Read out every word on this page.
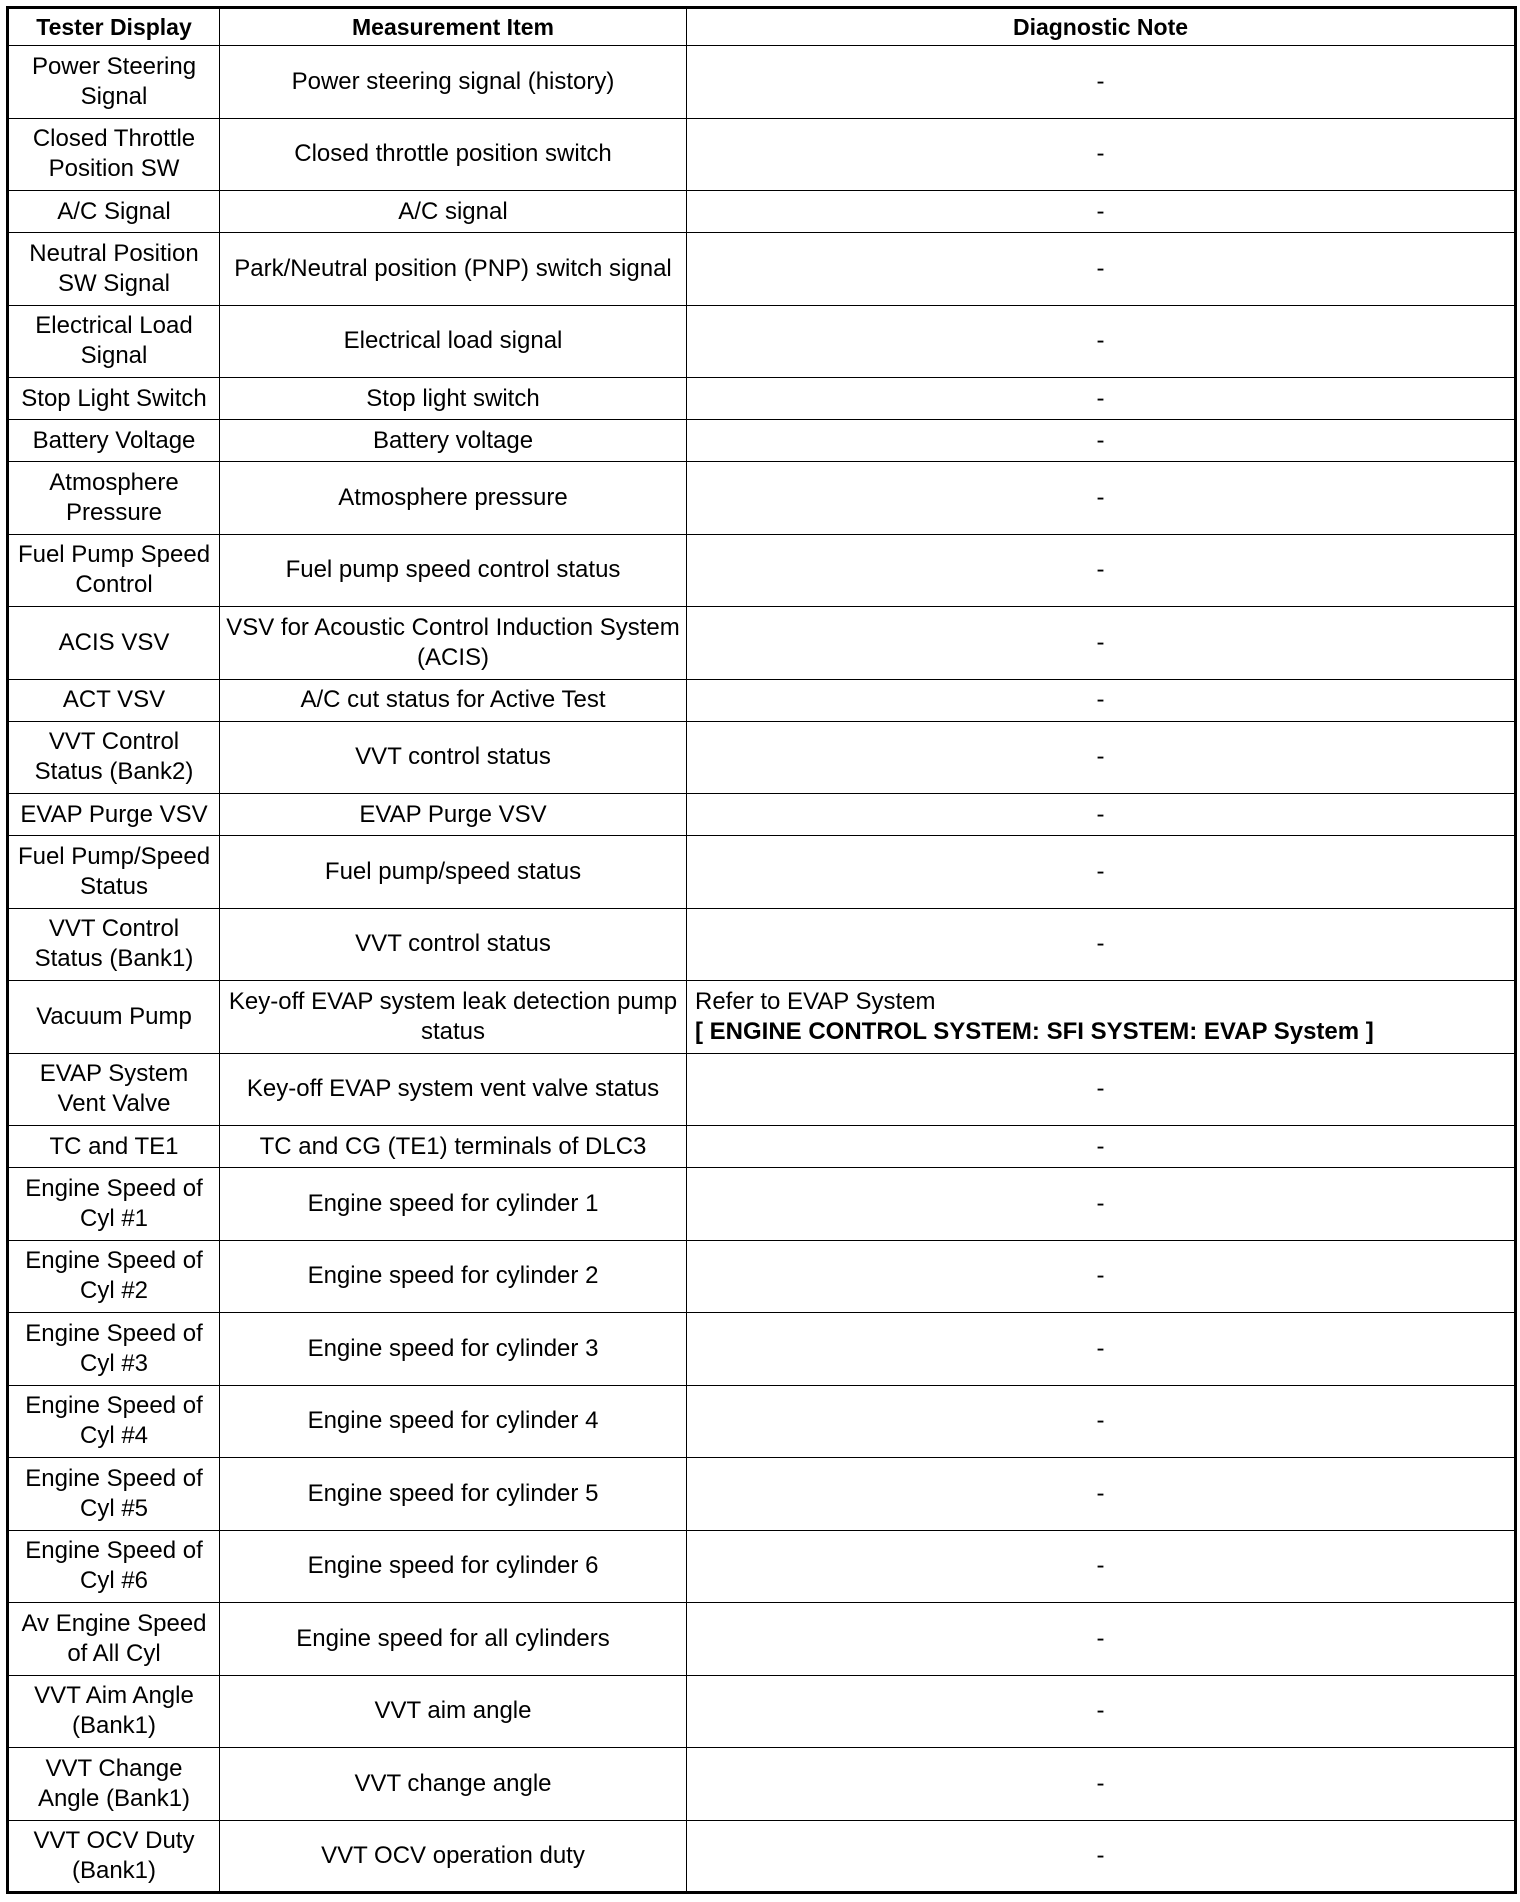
Tester Display	Measurement Item	Diagnostic Note
Power Steering Signal	Power steering signal (history)	-
Closed Throttle Position SW	Closed throttle position switch	-
A/C Signal	A/C signal	-
Neutral Position SW Signal	Park/Neutral position (PNP) switch signal	-
Electrical Load Signal	Electrical load signal	-
Stop Light Switch	Stop light switch	-
Battery Voltage	Battery voltage	-
Atmosphere Pressure	Atmosphere pressure	-
Fuel Pump Speed Control	Fuel pump speed control status	-
ACIS VSV	VSV for Acoustic Control Induction System (ACIS)	-
ACT VSV	A/C cut status for Active Test	-
VVT Control Status (Bank2)	VVT control status	-
EVAP Purge VSV	EVAP Purge VSV	-
Fuel Pump/Speed Status	Fuel pump/speed status	-
VVT Control Status (Bank1)	VVT control status	-
Vacuum Pump	Key-off EVAP system leak detection pump status	Refer to EVAP System
[ ENGINE CONTROL SYSTEM: SFI SYSTEM: EVAP System ]

EVAP System Vent Valve	Key-off EVAP system vent valve status	-
TC and TE1	TC and CG (TE1) terminals of DLC3	-
Engine Speed of Cyl #1	Engine speed for cylinder 1	-
Engine Speed of Cyl #2	Engine speed for cylinder 2	-
Engine Speed of Cyl #3	Engine speed for cylinder 3	-
Engine Speed of Cyl #4	Engine speed for cylinder 4	-
Engine Speed of Cyl #5	Engine speed for cylinder 5	-
Engine Speed of Cyl #6	Engine speed for cylinder 6	-
Av Engine Speed of All Cyl	Engine speed for all cylinders	-
VVT Aim Angle (Bank1)	VVT aim angle	-
VVT Change Angle (Bank1)	VVT change angle	-
VVT OCV Duty (Bank1)	VVT OCV operation duty	-
